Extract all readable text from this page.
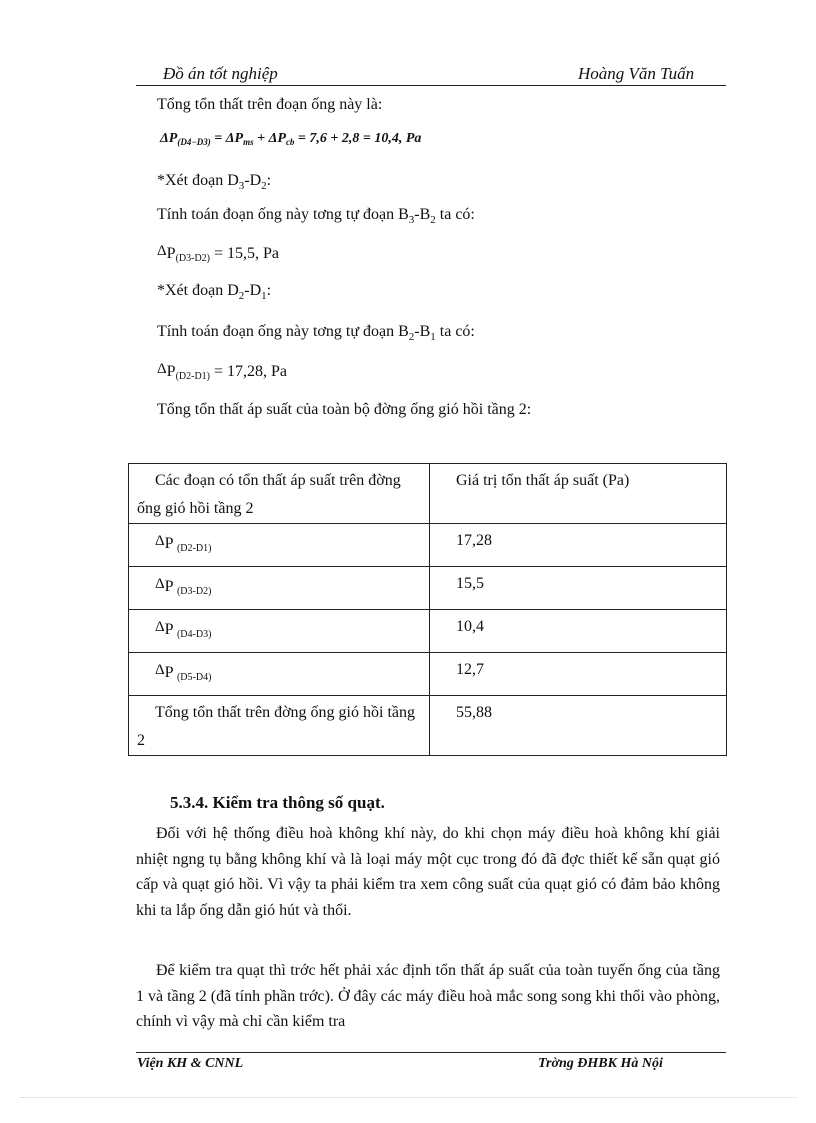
Đồ án tốt nghiệp	Hoàng Văn Tuấn
Tổng tổn thất trên đoạn ống này là:
$\Delta P_{(D4-D3)} = \Delta P_{ms} + \Delta P_{cb} = 7,6 + 2,8 = 10,4$, Pa
*Xét đoạn $D_3-D_2$:
Tính toán đoạn ống này tơng tự đoạn $B_3-B_2$ ta có:
ΔP(D3-D2) = 15,5, Pa
*Xét đoạn $D_2-D_1$:
Tính toán đoạn ống này tơng tự đoạn $B_2-B_1$ ta có:
ΔP(D2-D1) = 17,28, Pa
Tổng tổn thất áp suất của toàn bộ đờng ống gió hồi tầng 2:
Các đoạn có tổn thất áp suất trên đờng ống gió hồi tầng 2	Giá trị tổn thất áp suất (Pa)

ΔP (D2-D1)	17,28

ΔP (D3-D2)	15,5

ΔP (D4-D3)	10,4

ΔP (D5-D4)	12,7

Tổng tổn thất trên đờng ống gió hồi tầng 2	55,88
5.3.4. Kiểm tra thông số quạt.

Đối với hệ thống điều hoà không khí này, do khi chọn máy điều hoà không khí giải nhiệt ngng tụ bằng không khí và là loại máy một cục trong đó đã đợc thiết kế sẵn quạt gió cấp và quạt gió hồi. Vì vậy ta phải kiểm tra xem công suất của quạt gió có đảm bảo không khi ta lắp ống dẫn gió hút và thổi.

Để kiểm tra quạt thì trớc hết phải xác định tổn thất áp suất của toàn tuyến ống của tầng 1 và tầng 2 (đã tính phần trớc). Ở đây các máy điều hoà mắc song song khi thổi vào phòng, chính vì vậy mà chỉ cần kiểm tra

Viện KH & CNNL	Trờng ĐHBK Hà Nội
